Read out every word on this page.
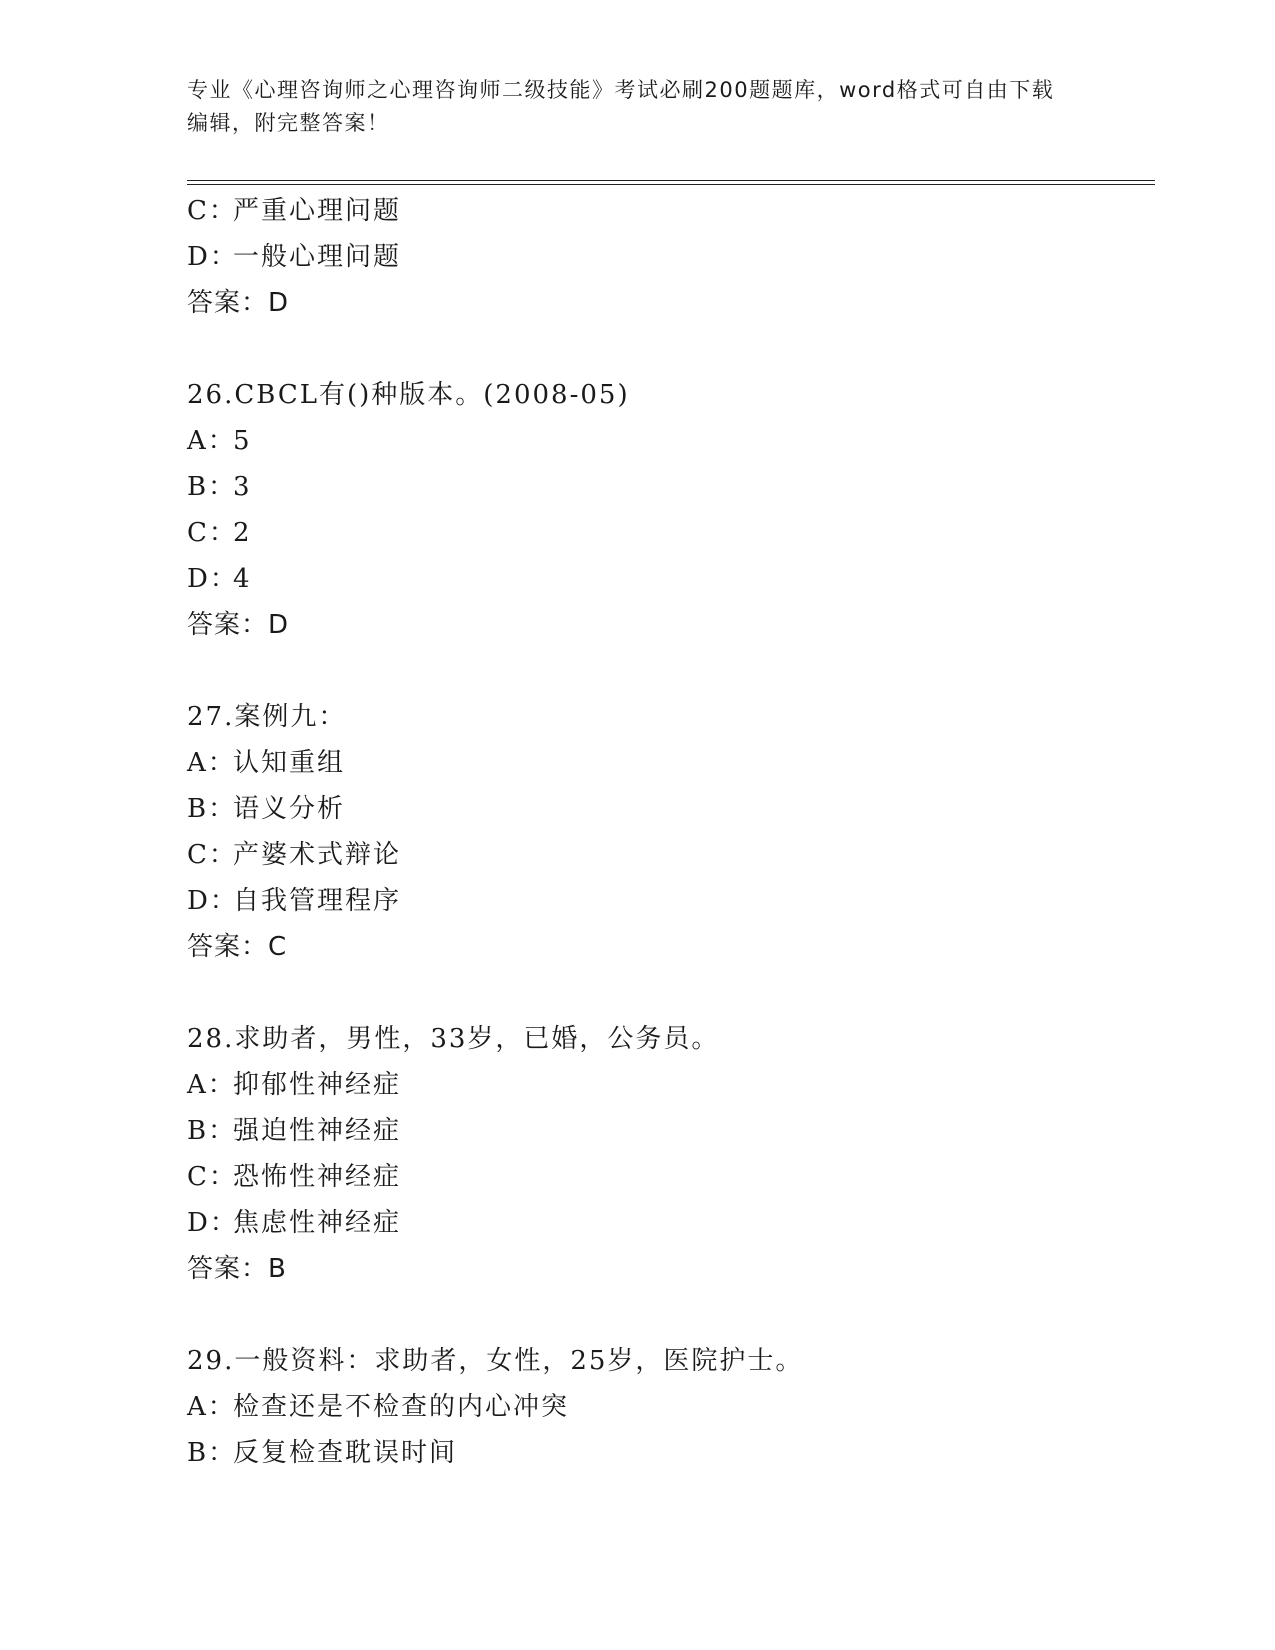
专业《心理咨询师之心理咨询师二级技能》考试必刷200题题库，word格式可自由下载编辑，附完整答案！
C：严重心理问题
D：一般心理问题
答案：D
26.CBCL有()种版本。(2008-05)
A：5
B：3
C：2
D：4
答案：D
27.案例九：
A：认知重组
B：语义分析
C：产婆术式辩论
D：自我管理程序
答案：C
28.求助者，男性，33岁，已婚，公务员。
A：抑郁性神经症
B：强迫性神经症
C：恐怖性神经症
D：焦虑性神经症
答案：B
29.一般资料：求助者，女性，25岁，医院护士。
A：检查还是不检查的内心冲突
B：反复检查耽误时间
